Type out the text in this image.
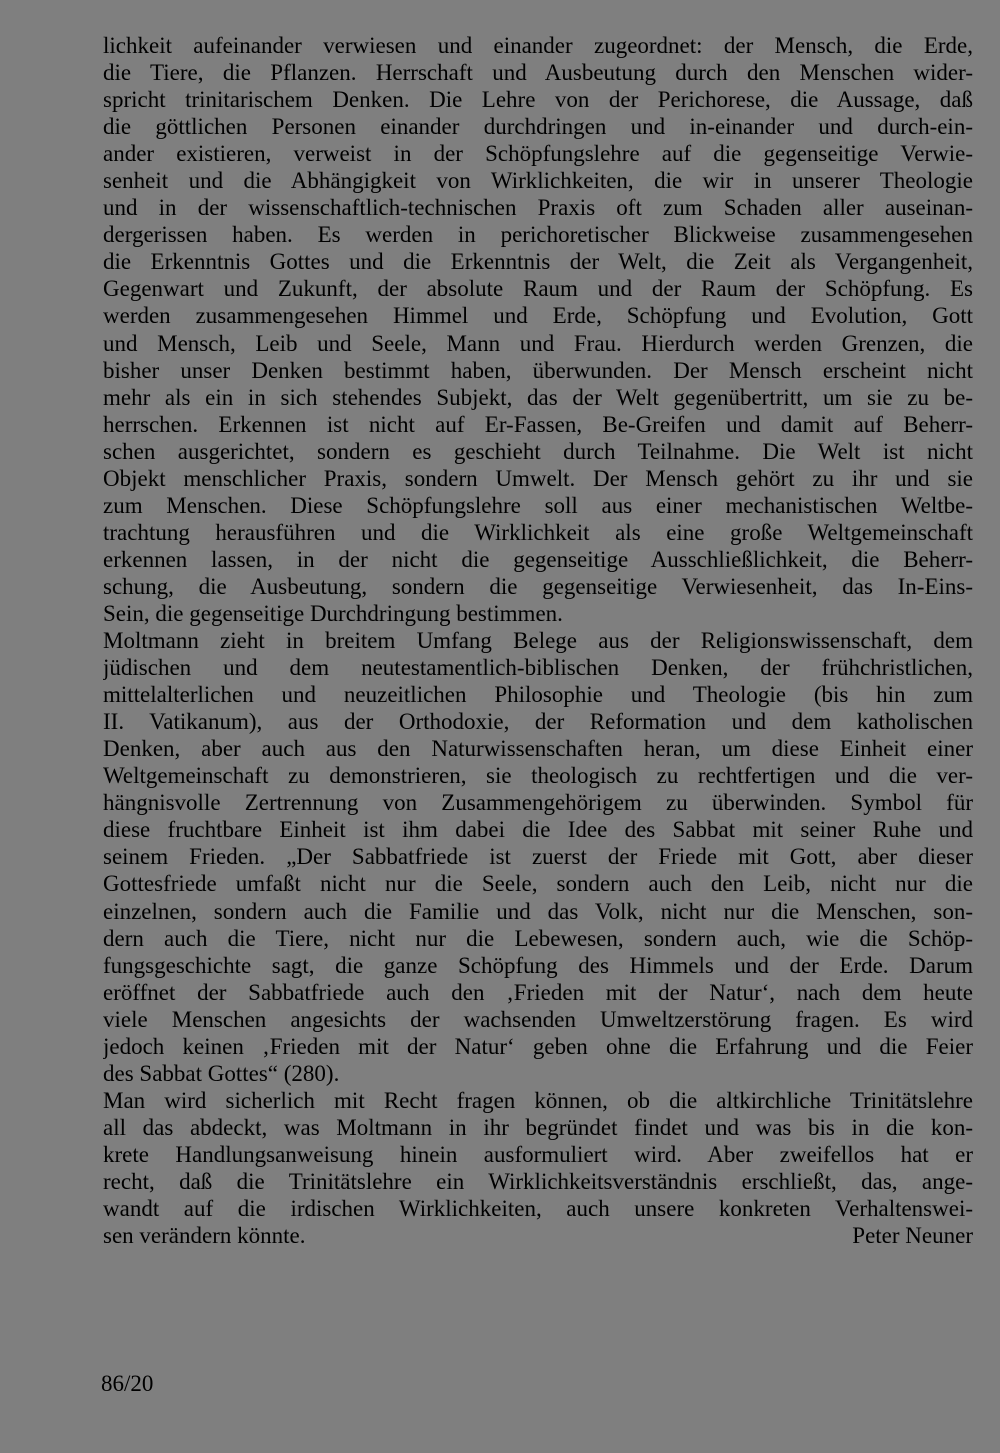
lichkeit aufeinander verwiesen und einander zugeordnet: der Mensch, die Erde,
die Tiere, die Pflanzen. Herrschaft und Ausbeutung durch den Menschen wider-
spricht trinitarischem Denken. Die Lehre von der Perichorese, die Aussage, daß
die göttlichen Personen einander durchdringen und in-einander und durch-ein-
ander existieren, verweist in der Schöpfungslehre auf die gegenseitige Verwie-
senheit und die Abhängigkeit von Wirklichkeiten, die wir in unserer Theologie
und in der wissenschaftlich-technischen Praxis oft zum Schaden aller auseinan-
dergerissen haben. Es werden in perichoretischer Blickweise zusammengesehen
die Erkenntnis Gottes und die Erkenntnis der Welt, die Zeit als Vergangenheit,
Gegenwart und Zukunft, der absolute Raum und der Raum der Schöpfung. Es
werden zusammengesehen Himmel und Erde, Schöpfung und Evolution, Gott
und Mensch, Leib und Seele, Mann und Frau. Hierdurch werden Grenzen, die
bisher unser Denken bestimmt haben, überwunden. Der Mensch erscheint nicht
mehr als ein in sich stehendes Subjekt, das der Welt gegenübertritt, um sie zu be-
herrschen. Erkennen ist nicht auf Er-Fassen, Be-Greifen und damit auf Beherr-
schen ausgerichtet, sondern es geschieht durch Teilnahme. Die Welt ist nicht
Objekt menschlicher Praxis, sondern Umwelt. Der Mensch gehört zu ihr und sie
zum Menschen. Diese Schöpfungslehre soll aus einer mechanistischen Weltbe-
trachtung herausführen und die Wirklichkeit als eine große Weltgemeinschaft
erkennen lassen, in der nicht die gegenseitige Ausschließlichkeit, die Beherr-
schung, die Ausbeutung, sondern die gegenseitige Verwiesenheit, das In-Eins-
Sein, die gegenseitige Durchdringung bestimmen.
Moltmann zieht in breitem Umfang Belege aus der Religionswissenschaft, dem
jüdischen und dem neutestamentlich-biblischen Denken, der frühchristlichen,
mittelalterlichen und neuzeitlichen Philosophie und Theologie (bis hin zum
II. Vatikanum), aus der Orthodoxie, der Reformation und dem katholischen
Denken, aber auch aus den Naturwissenschaften heran, um diese Einheit einer
Weltgemeinschaft zu demonstrieren, sie theologisch zu rechtfertigen und die ver-
hängnisvolle Zertrennung von Zusammengehörigem zu überwinden. Symbol für
diese fruchtbare Einheit ist ihm dabei die Idee des Sabbat mit seiner Ruhe und
seinem Frieden. „Der Sabbatfriede ist zuerst der Friede mit Gott, aber dieser
Gottesfriede umfaßt nicht nur die Seele, sondern auch den Leib, nicht nur die
einzelnen, sondern auch die Familie und das Volk, nicht nur die Menschen, son-
dern auch die Tiere, nicht nur die Lebewesen, sondern auch, wie die Schöp-
fungsgeschichte sagt, die ganze Schöpfung des Himmels und der Erde. Darum
eröffnet der Sabbatfriede auch den ‚Frieden mit der Natur‘, nach dem heute
viele Menschen angesichts der wachsenden Umweltzerstörung fragen. Es wird
jedoch keinen ‚Frieden mit der Natur‘ geben ohne die Erfahrung und die Feier
des Sabbat Gottes“ (280).
Man wird sicherlich mit Recht fragen können, ob die altkirchliche Trinitätslehre
all das abdeckt, was Moltmann in ihr begründet findet und was bis in die kon-
krete Handlungsanweisung hinein ausformuliert wird. Aber zweifellos hat er
recht, daß die Trinitätslehre ein Wirklichkeitsverständnis erschließt, das, ange-
wandt auf die irdischen Wirklichkeiten, auch unsere konkreten Verhaltenswei-
sen verändern könnte.	Peter Neuner
86/20
